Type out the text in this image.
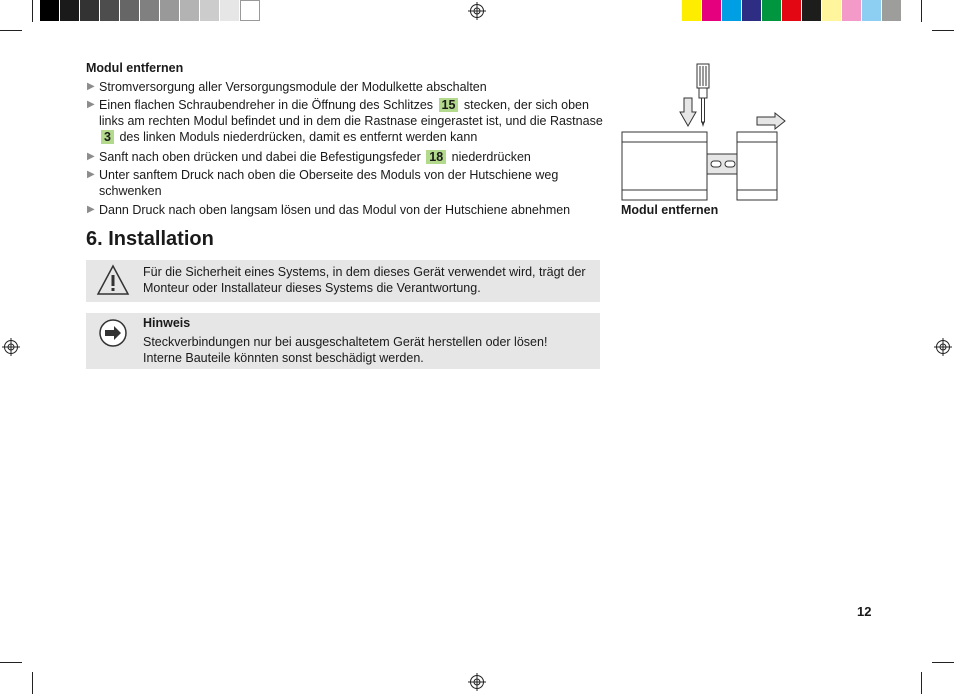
Modul entfernen
▶ Stromversorgung aller Versorgungsmodule der Modulkette abschalten
▶ Einen flachen Schraubendreher in die Öffnung des Schlitzes 15 stecken, der sich oben links am rechten Modul befindet und in dem die Rastnase eingerastet ist, und die Rastnase 3 des linken Moduls niederdrücken, damit es entfernt werden kann
▶ Sanft nach oben drücken und dabei die Befestigungsfeder 18 niederdrücken
▶ Unter sanftem Druck nach oben die Oberseite des Moduls von der Hutschiene weg schwenken
▶ Dann Druck nach oben langsam lösen und das Modul von der Hutschiene abnehmen	Modul entfernen
6. Installation
Für die Sicherheit eines Systems, in dem dieses Gerät verwendet wird, trägt der Monteur oder Installateur dieses Systems die Verantwortung.
Hinweis
Steckverbindungen nur bei ausgeschaltetem Gerät herstellen oder lösen! Interne Bauteile könnten sonst beschädigt werden.
12
